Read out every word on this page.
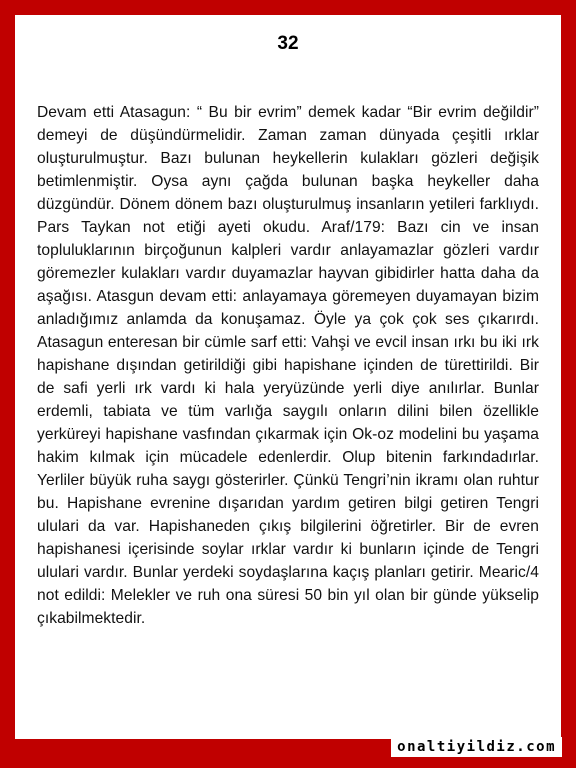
32

Devam etti Atasagun: “ Bu bir evrim” demek kadar “Bir evrim değildir” demeyi de düşündürmelidir. Zaman zaman dünyada çeşitli ırklar oluşturulmuştur. Bazı bulunan heykellerin kulakları gözleri değişik betimlenmiştir. Oysa aynı çağda bulunan başka heykeller daha düzgündür. Dönem dönem bazı oluşturulmuş insanların yetileri farklıydı. Pars Taykan not etiği ayeti okudu. Araf/179: Bazı cin ve insan topluluklarının birçoğunun kalpleri vardır anlayamazlar gözleri vardır göremezler kulakları vardır duyamazlar hayvan gibidirler hatta daha da aşağısı. Atasgun devam etti: anlayamaya göremeyen duyamayan bizim anladığımız anlamda da konuşamaz. Öyle ya çok çok ses çıkarırdı. Atasagun enteresan bir cümle sarf etti: Vahşi ve evcil insan ırkı bu iki ırk hapishane dışından getirildiği gibi hapishane içinden de türettirildi. Bir de safi yerli ırk vardı ki hala yeryüzünde yerli diye anılırlar. Bunlar erdemli, tabiata ve tüm varlığa saygılı onların dilini bilen özellikle yerküreyi hapishane vasfından çıkarmak için Ok-oz modelini bu yaşama hakim kılmak için mücadele edenlerdir. Olup bitenin farkındadırlar. Yerliler büyük ruha saygı gösterirler. Çünkü Tengri’nin ikramı olan ruhtur bu. Hapishane evrenine dışarıdan yardım getiren bilgi getiren Tengri ululari da var. Hapishaneden çıkış bilgilerini öğretirler. Bir de evren hapishanesi içerisinde soylar ırklar vardır ki bunların içinde de Tengri ululari vardır. Bunlar yerdeki soydaşlarına kaçış planları getirir. Mearic/4 not edildi: Melekler ve ruh ona süresi 50 bin yıl olan bir günde yükselip çıkabilmektedir.

onaltiyildiz.com
